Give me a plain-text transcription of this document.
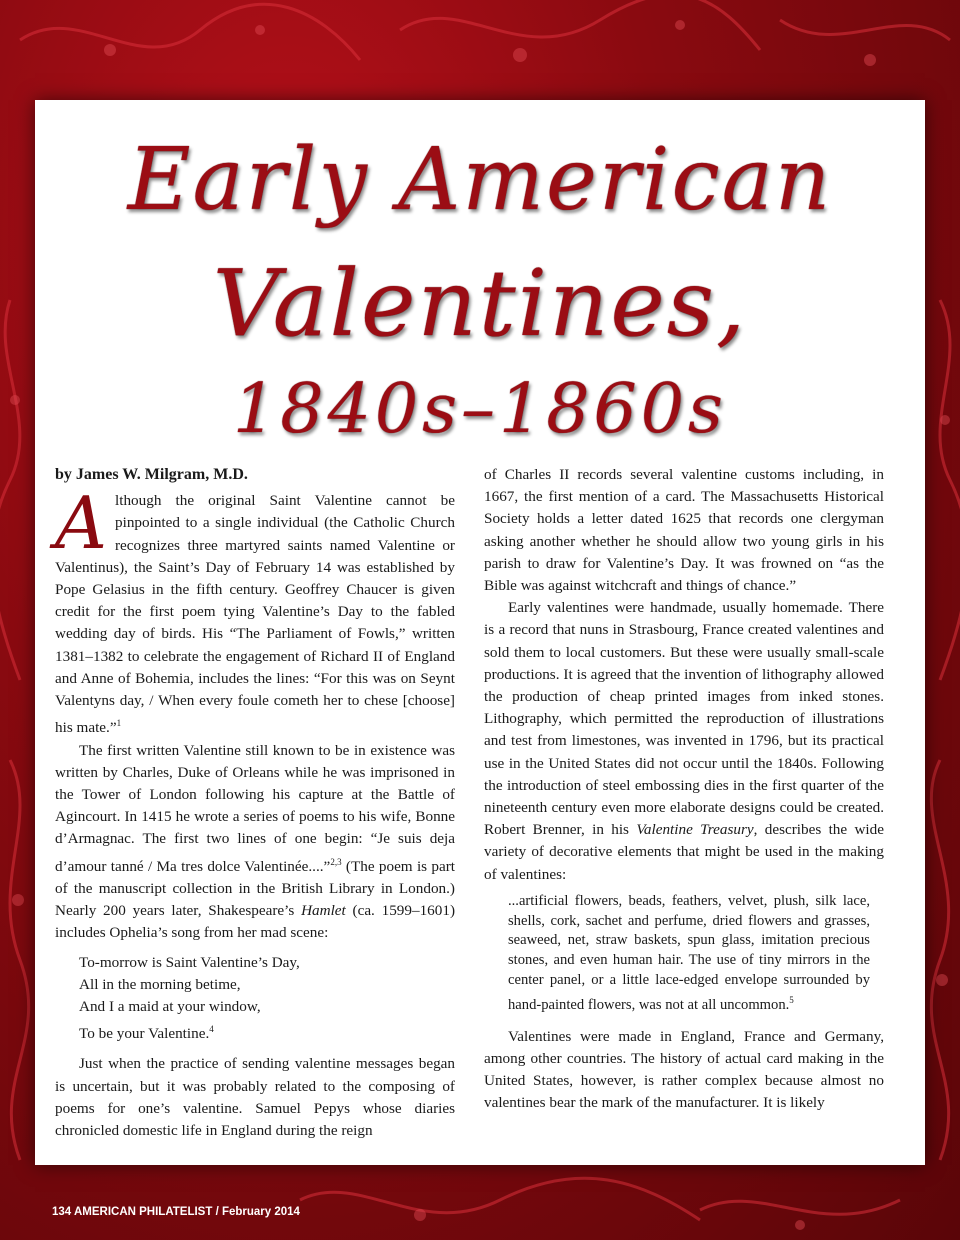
Early American
Valentines,
1840s–1860s
by James W. Milgram, M.D.

Although the original Saint Valentine cannot be pinpointed to a single individual (the Catholic Church recognizes three martyred saints named Valentine or Valentinus), the Saint’s Day of February 14 was established by Pope Gelasius in the fifth century. Geoffrey Chaucer is given credit for the first poem tying Valentine’s Day to the fabled wedding day of birds. His “The Parliament of Fowls,” written 1381–1382 to celebrate the engagement of Richard II of England and Anne of Bohemia, includes the lines: “For this was on Seynt Valentyns day, / When every foule cometh her to chese [choose] his mate.”$^1$

The first written Valentine still known to be in existence was written by Charles, Duke of Orleans while he was imprisoned in the Tower of London following his capture at the Battle of Agincourt. In 1415 he wrote a series of poems to his wife, Bonne d’Armagnac. The first two lines of one begin: “Je suis deja d’amour tanné / Ma tres dolce Valentinée....”$^{2,3}$ (The poem is part of the manuscript collection in the British Library in London.) Nearly 200 years later, Shakespeare’s Hamlet (ca. 1599–1601) includes Ophelia’s song from her mad scene:

To-morrow is Saint Valentine’s Day,
All in the morning betime,
And I a maid at your window,
To be your Valentine.$^4$

Just when the practice of sending valentine messages began is uncertain, but it was probably related to the composing of poems for one’s valentine. Samuel Pepys whose diaries chronicled domestic life in England during the reign

of Charles II records several valentine customs including, in 1667, the first mention of a card. The Massachusetts Historical Society holds a letter dated 1625 that records one clergyman asking another whether he should allow two young girls in his parish to draw for Valentine’s Day. It was frowned on “as the Bible was against witchcraft and things of chance.”

Early valentines were handmade, usually homemade. There is a record that nuns in Strasbourg, France created valentines and sold them to local customers. But these were usually small-scale productions. It is agreed that the invention of lithography allowed the production of cheap printed images from inked stones. Lithography, which permitted the reproduction of illustrations and test from limestones, was invented in 1796, but its practical use in the United States did not occur until the 1840s. Following the introduction of steel embossing dies in the first quarter of the nineteenth century even more elaborate designs could be created. Robert Brenner, in his Valentine Treasury, describes the wide variety of decorative elements that might be used in the making of valentines:

...artificial flowers, beads, feathers, velvet, plush, silk lace, shells, cork, sachet and perfume, dried flowers and grasses, seaweed, net, straw baskets, spun glass, imitation precious stones, and even human hair. The use of tiny mirrors in the center panel, or a little lace-edged envelope surrounded by hand-painted flowers, was not at all uncommon.$^5$

Valentines were made in England, France and Germany, among other countries. The history of actual card making in the United States, however, is rather complex because almost no valentines bear the mark of the manufacturer. It is likely

134 AMERICAN PHILATELIST / February 2014
